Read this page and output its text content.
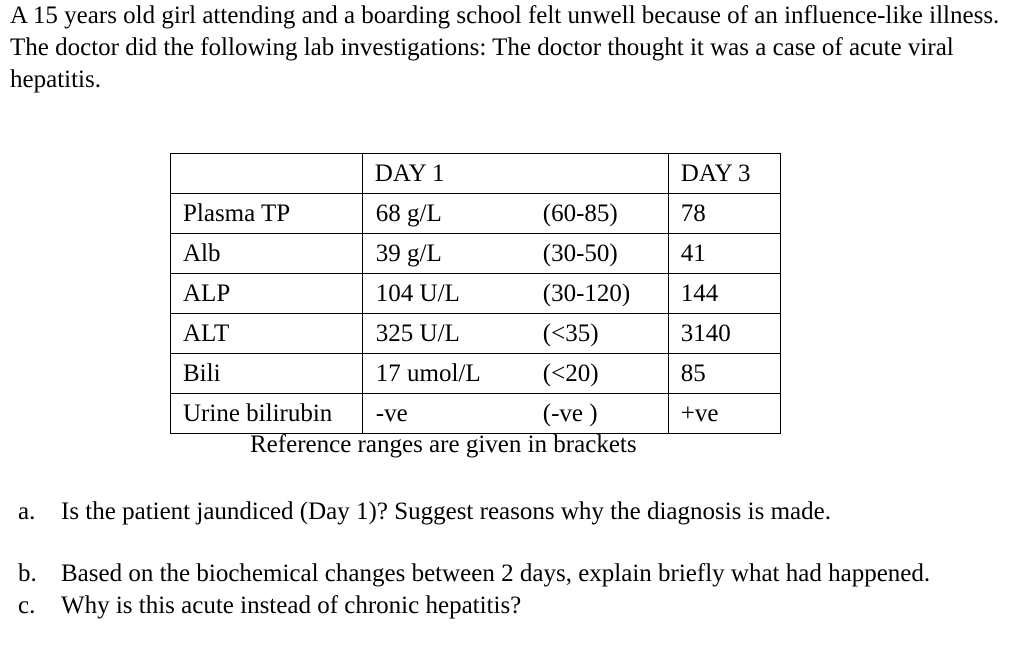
A 15 years old girl attending and a boarding school felt unwell because of an influence-like illness. The doctor did the following lab investigations: The doctor thought it was a case of acute viral hepatitis.

	DAY 1	DAY 3
Plasma TP	68 g/L (60-85)	78
Alb	39 g/L (30-50)	41
ALP	104 U/L (30-120)	144
ALT	325 U/L (<35)	3140
Bili	17 umol/L (<20)	85
Urine bilirubin	-ve (-ve )	+ve
Reference ranges are given in brackets
a. Is the patient jaundiced (Day 1)? Suggest reasons why the diagnosis is made.
b. Based on the biochemical changes between 2 days, explain briefly what had happened.
c. Why is this acute instead of chronic hepatitis?
